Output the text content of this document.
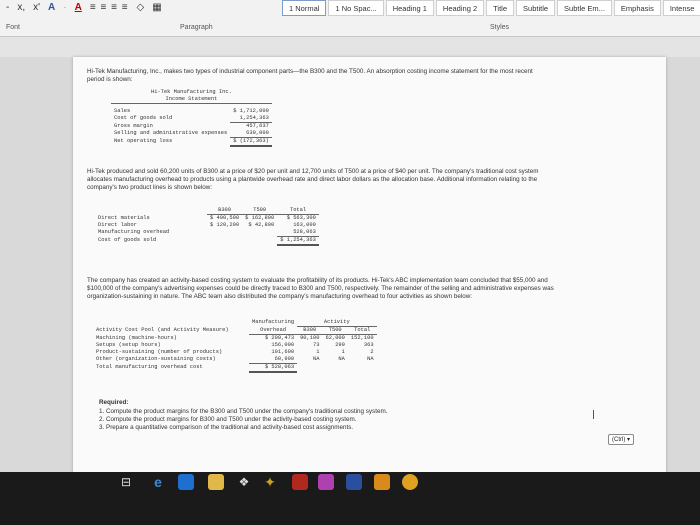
- x, x' A · A ≡ ≡ ≡ ≡ ◇ ▦
Font	Paragraph	Styles
1 Normal	1 No Spac...	Heading 1	Heading 2	Title	Subtitle	Subtle Em...	Emphasis	Intense
Hi-Tek Manufacturing, Inc., makes two types of industrial component parts—the B300 and the T500. An absorption costing income statement for the most recent period is shown:
Hi-Tek Manufacturing Inc.	
Income Statement	
Sales	$ 1,712,000
Cost of goods sold	1,254,363
Gross margin	457,637
Selling and administrative expenses	630,000
Net operating loss	$ (172,363)
Hi-Tek produced and sold 60,200 units of B300 at a price of $20 per unit and 12,700 units of T500 at a price of $40 per unit. The company's traditional cost system allocates manufacturing overhead to products using a plantwide overhead rate and direct labor dollars as the allocation base. Additional information relating to the company's two product lines is shown below:
	B300	T500	Total
Direct materials	$ 400,500	$ 162,800	$ 563,300
Direct labor	$ 120,200	$ 42,800	163,000
Manufacturing overhead			528,063
Cost of goods sold			$ 1,254,363
The company has created an activity-based costing system to evaluate the profitability of its products. Hi-Tek's ABC implementation team concluded that $55,000 and $100,000 of the company's advertising expenses could be directly traced to B300 and T500, respectively. The remainder of the selling and administrative expenses was organization-sustaining in nature. The ABC team also distributed the company's manufacturing overhead to four activities as shown below:
	Manufacturing	Activity		
Activity Cost Pool (and Activity Measure)	Overhead	B300	T500	Total
Machining (machine-hours)	$ 209,473	90,100	62,000	152,100
Setups (setup hours)	156,000	73	290	363
Product-sustaining (number of products)	101,600	1	1	2
Other (organization-sustaining costs)	60,900	NA	NA	NA
Total manufacturing overhead cost	$ 528,063			
Required:
1. Compute the product margins for the B300 and T500 under the company's traditional costing system.
2. Compute the product margins for B300 and T500 under the activity-based costing system.
3. Prepare a quantitative comparison of the traditional and activity-based cost assignments.
(Ctrl) ▾
⊟ e	❖ ✦
